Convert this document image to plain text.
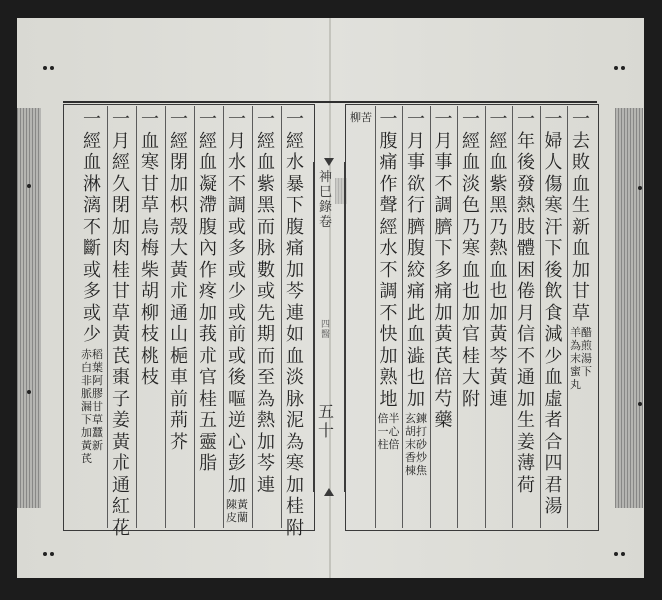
神
巳
錄
卷
四
醫
五
十
一
去
敗
血
生
新
血
加
甘
草
羊
為
末
蜜
丸
醋
煎
湯
下
一
婦
人
傷
寒
汗
下
後
飲
食
減
少
血
虛
者
合
四
君
湯
一
年
後
發
熱
肢
體
困
倦
月
信
不
通
加
生
姜
薄
荷
一
經
血
紫
黑
乃
熱
血
也
加
黃
芩
黃
連
一
經
血
淡
色
乃
寒
血
也
加
官
桂
大
附
一
月
事
不
調
臍
下
多
痛
加
黃
芪
倍
芍
藥
一
月
事
欲
行
臍
腹
絞
痛
此
血
澁
也
加
玄
胡
末
香
棟
鍊
打
砂
炒
焦
一
腹
痛
作
聲
經
水
不
調
不
快
加
熟
地
倍
一
柱
半
心
倍
柳 苦
一
經
水
暴
下
腹
痛
加
芩
連
如
血
淡
脉
泥
為
寒
加
桂
附
一
經
血
紫
黑
而
脉
數
或
先
期
而
至
為
熱
加
芩
連
一
月
水
不
調
或
多
或
少
或
前
或
後
嘔
逆
心
彭
加
陳
皮
黃
蘭
一
經
血
凝
滯
腹
內
作
疼
加
莪
朮
官
桂
五
靈
脂
一
經
閉
加
枳
殼
大
黃
朮
通
山
梔
車
前
荊
芥
一
血
寒
甘
草
烏
梅
柴
胡
柳
枝
桃
枝
一
月
經
久
閉
加
肉
桂
甘
草
黃
芪
棗
子
姜
黃
朮
通
紅
花
一
經
血
淋
漓
不
斷
或
多
或
少
赤
白
非
脈
漏
下
加
黃
芪
稻
葉
阿
膠
甘
草
蠶
新
